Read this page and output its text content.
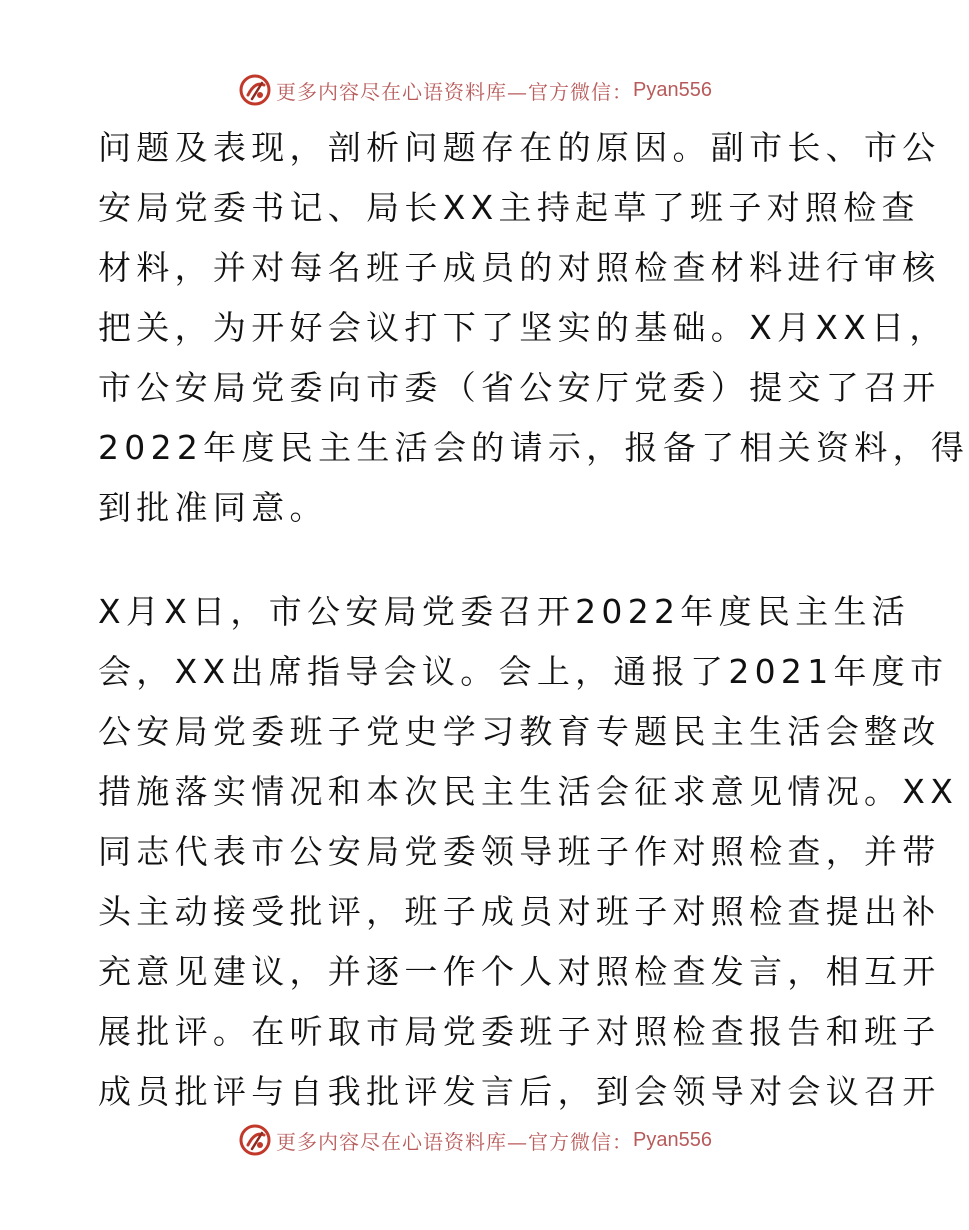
更多内容尽在心语资料库—官方微信： Pyan556
问题及表现，剖析问题存在的原因。副市长、市公
安局党委书记、局长XX主持起草了班子对照检查
材料，并对每名班子成员的对照检查材料进行审核
把关，为开好会议打下了坚实的基础。X月XX日，
市公安局党委向市委（省公安厅党委）提交了召开
2022年度民主生活会的请示，报备了相关资料，得
到批准同意。
X月X日，市公安局党委召开2022年度民主生活
会，XX出席指导会议。会上，通报了2021年度市
公安局党委班子党史学习教育专题民主生活会整改
措施落实情况和本次民主生活会征求意见情况。XX
同志代表市公安局党委领导班子作对照检查，并带
头主动接受批评，班子成员对班子对照检查提出补
充意见建议，并逐一作个人对照检查发言，相互开
展批评。在听取市局党委班子对照检查报告和班子
成员批评与自我批评发言后，到会领导对会议召开
更多内容尽在心语资料库—官方微信： Pyan556
